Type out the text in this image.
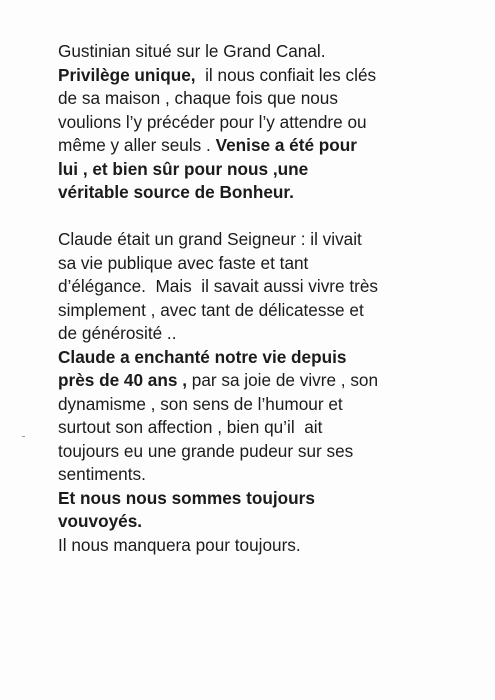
Gustinian situé sur le Grand Canal.
Privilège unique,  il nous confiait les clés
de sa maison , chaque fois que nous
voulions l’y précéder pour l’y attendre ou
même y aller seuls . Venise a été pour
lui , et bien sûr pour nous ,une
véritable source de Bonheur.
Claude était un grand Seigneur : il vivait
sa vie publique avec faste et tant
d’élégance.  Mais  il savait aussi vivre très
simplement , avec tant de délicatesse et
de générosité ..
Claude a enchanté notre vie depuis
près de 40 ans , par sa joie de vivre , son
dynamisme , son sens de l’humour et
surtout son affection , bien qu’il  ait
toujours eu une grande pudeur sur ses
sentiments.
Et nous nous sommes toujours
vouvoyés.
Il nous manquera pour toujours.
